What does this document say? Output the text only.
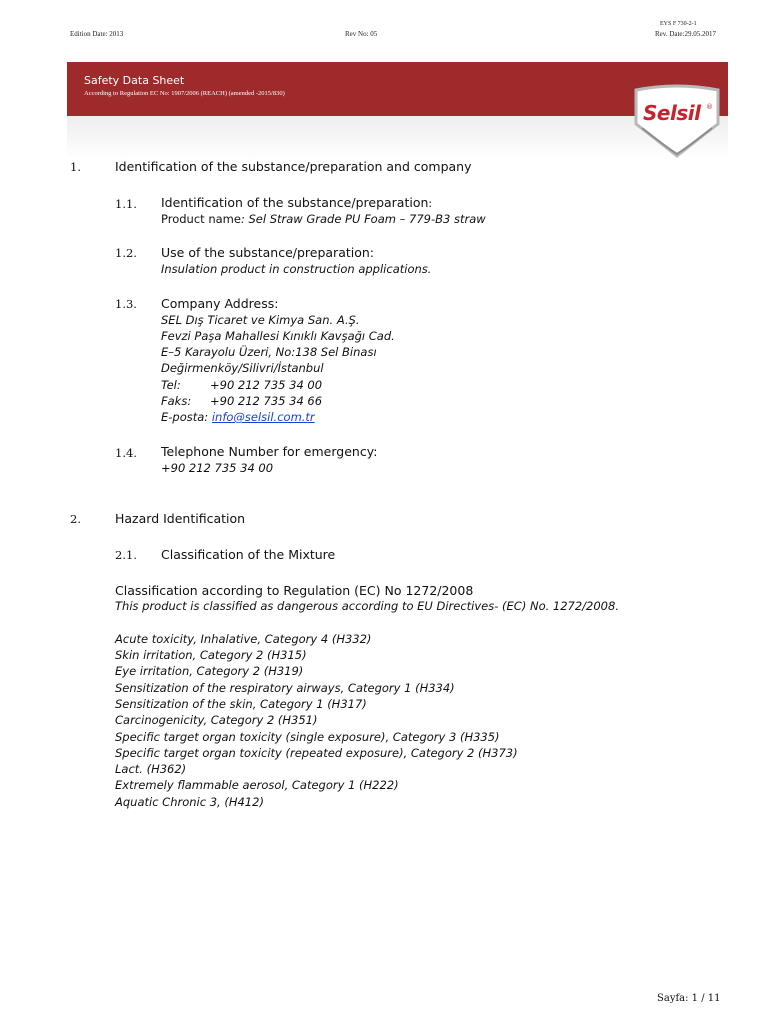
EYS F 730-2-1
Edition Date: 2013	Rev No: 05	Rev. Date:29.05.2017
Safety Data Sheet
According to Regulation EC No: 1907/2006 (REACH) (amended -2015/830)
Selsil ®
1.	Identification of the substance/preparation and company
1.1. Identification of the substance/preparation:
Product name: Sel Straw Grade PU Foam – 779-B3 straw
1.2. Use of the substance/preparation:
Insulation product in construction applications.
1.3. Company Address:
SEL Dış Ticaret ve Kimya San. A.Ş.
Fevzi Paşa Mahallesi Kınıklı Kavşağı Cad.
E–5 Karayolu Üzeri, No:138 Sel Binası
Değirmenköy/Silivri/İstanbul
Tel:	+90 212 735 34 00
Faks: +90 212 735 34 66
E-posta: info@selsil.com.tr
1.4. Telephone Number for emergency:
+90 212 735 34 00
2.	Hazard Identification
2.1. Classification of the Mixture
Classification according to Regulation (EC) No 1272/2008
This product is classified as dangerous according to EU Directives- (EC) No. 1272/2008.
Acute toxicity, Inhalative, Category 4 (H332)
Skin irritation, Category 2 (H315)
Eye irritation, Category 2 (H319)
Sensitization of the respiratory airways, Category 1 (H334)
Sensitization of the skin, Category 1 (H317)
Carcinogenicity, Category 2 (H351)
Specific target organ toxicity (single exposure), Category 3 (H335)
Specific target organ toxicity (repeated exposure), Category 2 (H373)
Lact. (H362)
Extremely flammable aerosol, Category 1 (H222)
Aquatic Chronic 3, (H412)
Sayfa: 1 / 11
